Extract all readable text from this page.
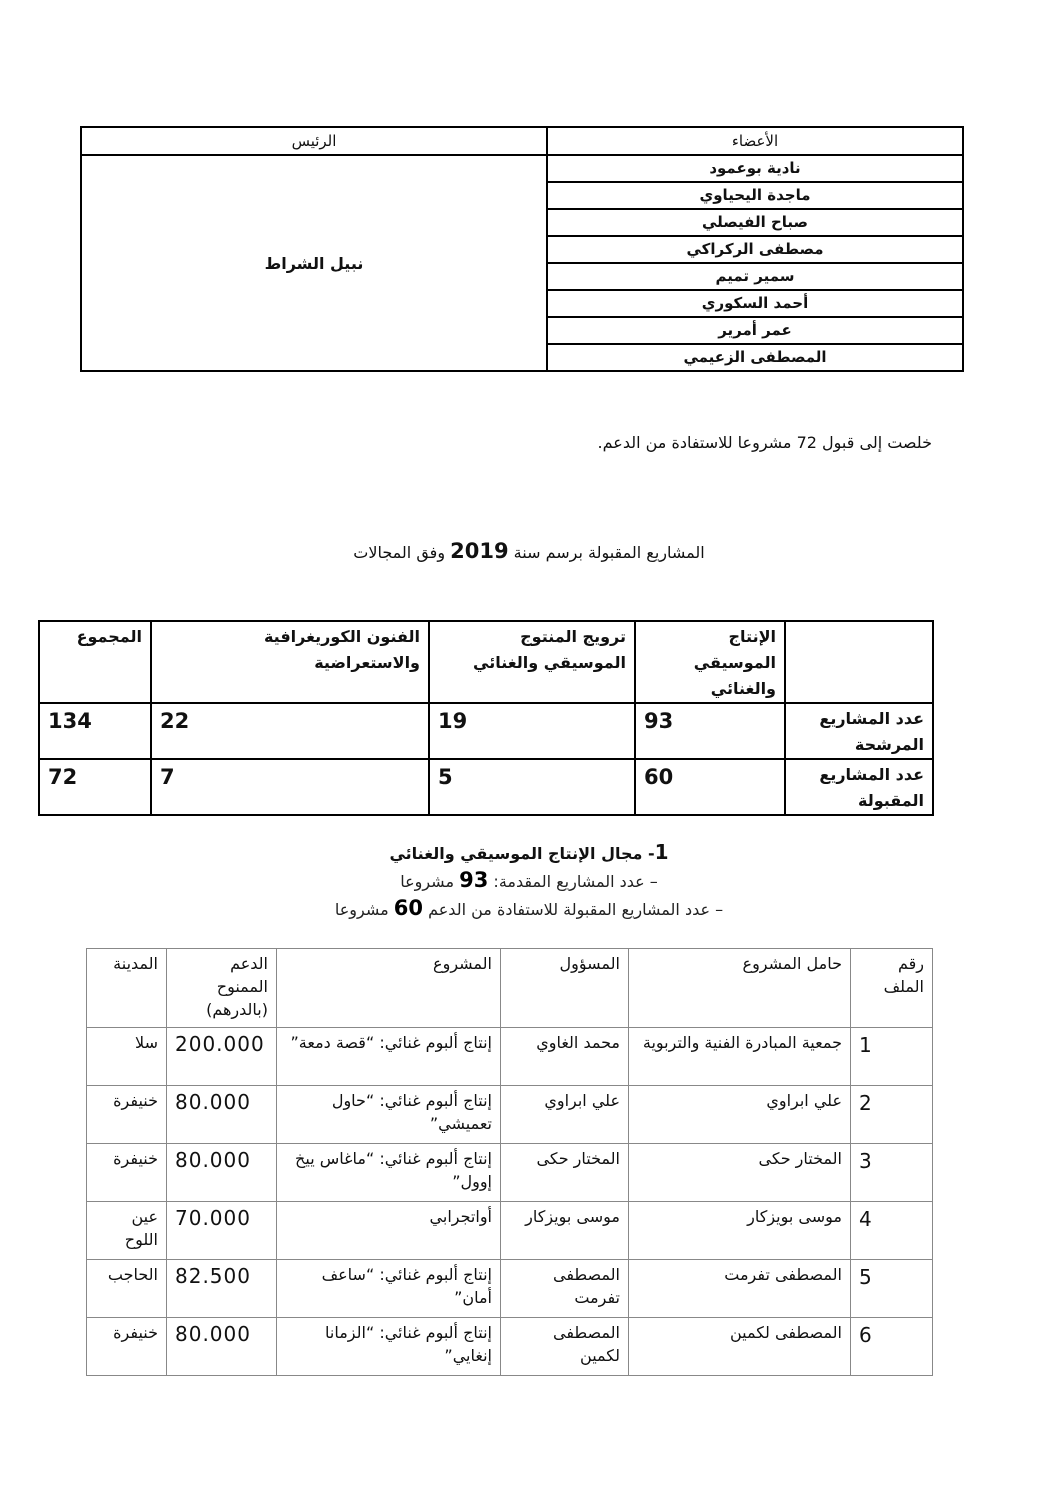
الأعضاء	الرئيس
نادية بوعمود	نبيل الشراط
ماجدة اليحياوي	
صباح الفيصلي	
مصطفى الركراكي	
سمير تميم	
أحمد السكوري	
عمر أمرير	
المصطفى الزعيمي	
خلصت إلى قبول 72 مشروعا للاستفادة من الدعم.
المشاريع المقبولة برسم سنة 2019 وفق المجالات
	الإنتاج الموسيقي والغنائي	ترويج المنتوج الموسيقي والغنائي	الفنون الكوريغرافية والاستعراضية	المجموع
عدد المشاريع المرشحة	93	19	22	134
عدد المشاريع المقبولة	60	5	7	72
1- مجال الإنتاج الموسيقي والغنائي
– عدد المشاريع المقدمة: 93 مشروعا
– عدد المشاريع المقبولة للاستفادة من الدعم 60 مشروعا
رقم الملف	حامل المشروع	المسؤول	المشروع	الدعم الممنوح (بالدرهم)	المدينة
1	جمعية المبادرة الفنية والتربوية	محمد الغاوي	إنتاج ألبوم غنائي: “قصة دمعة”	200.000	سلا
2	علي ابراوي	علي ابراوي	إنتاج ألبوم غنائي: “حاول تعميشي”	80.000	خنيفرة
3	المختار حكى	المختار حكى	إنتاج ألبوم غنائي: “ماغاس ييخ إوول”	80.000	خنيفرة
4	موسى بويزكار	موسى بويزكار	أواتجرابي	70.000	عين اللوح
5	المصطفى تفرمت	المصطفى تفرمت	إنتاج ألبوم غنائي: “ساعف أمان”	82.500	الحاجب
6	المصطفى لكمين	المصطفى لكمين	إنتاج ألبوم غنائي: “الزمانا إنغايي”	80.000	خنيفرة
